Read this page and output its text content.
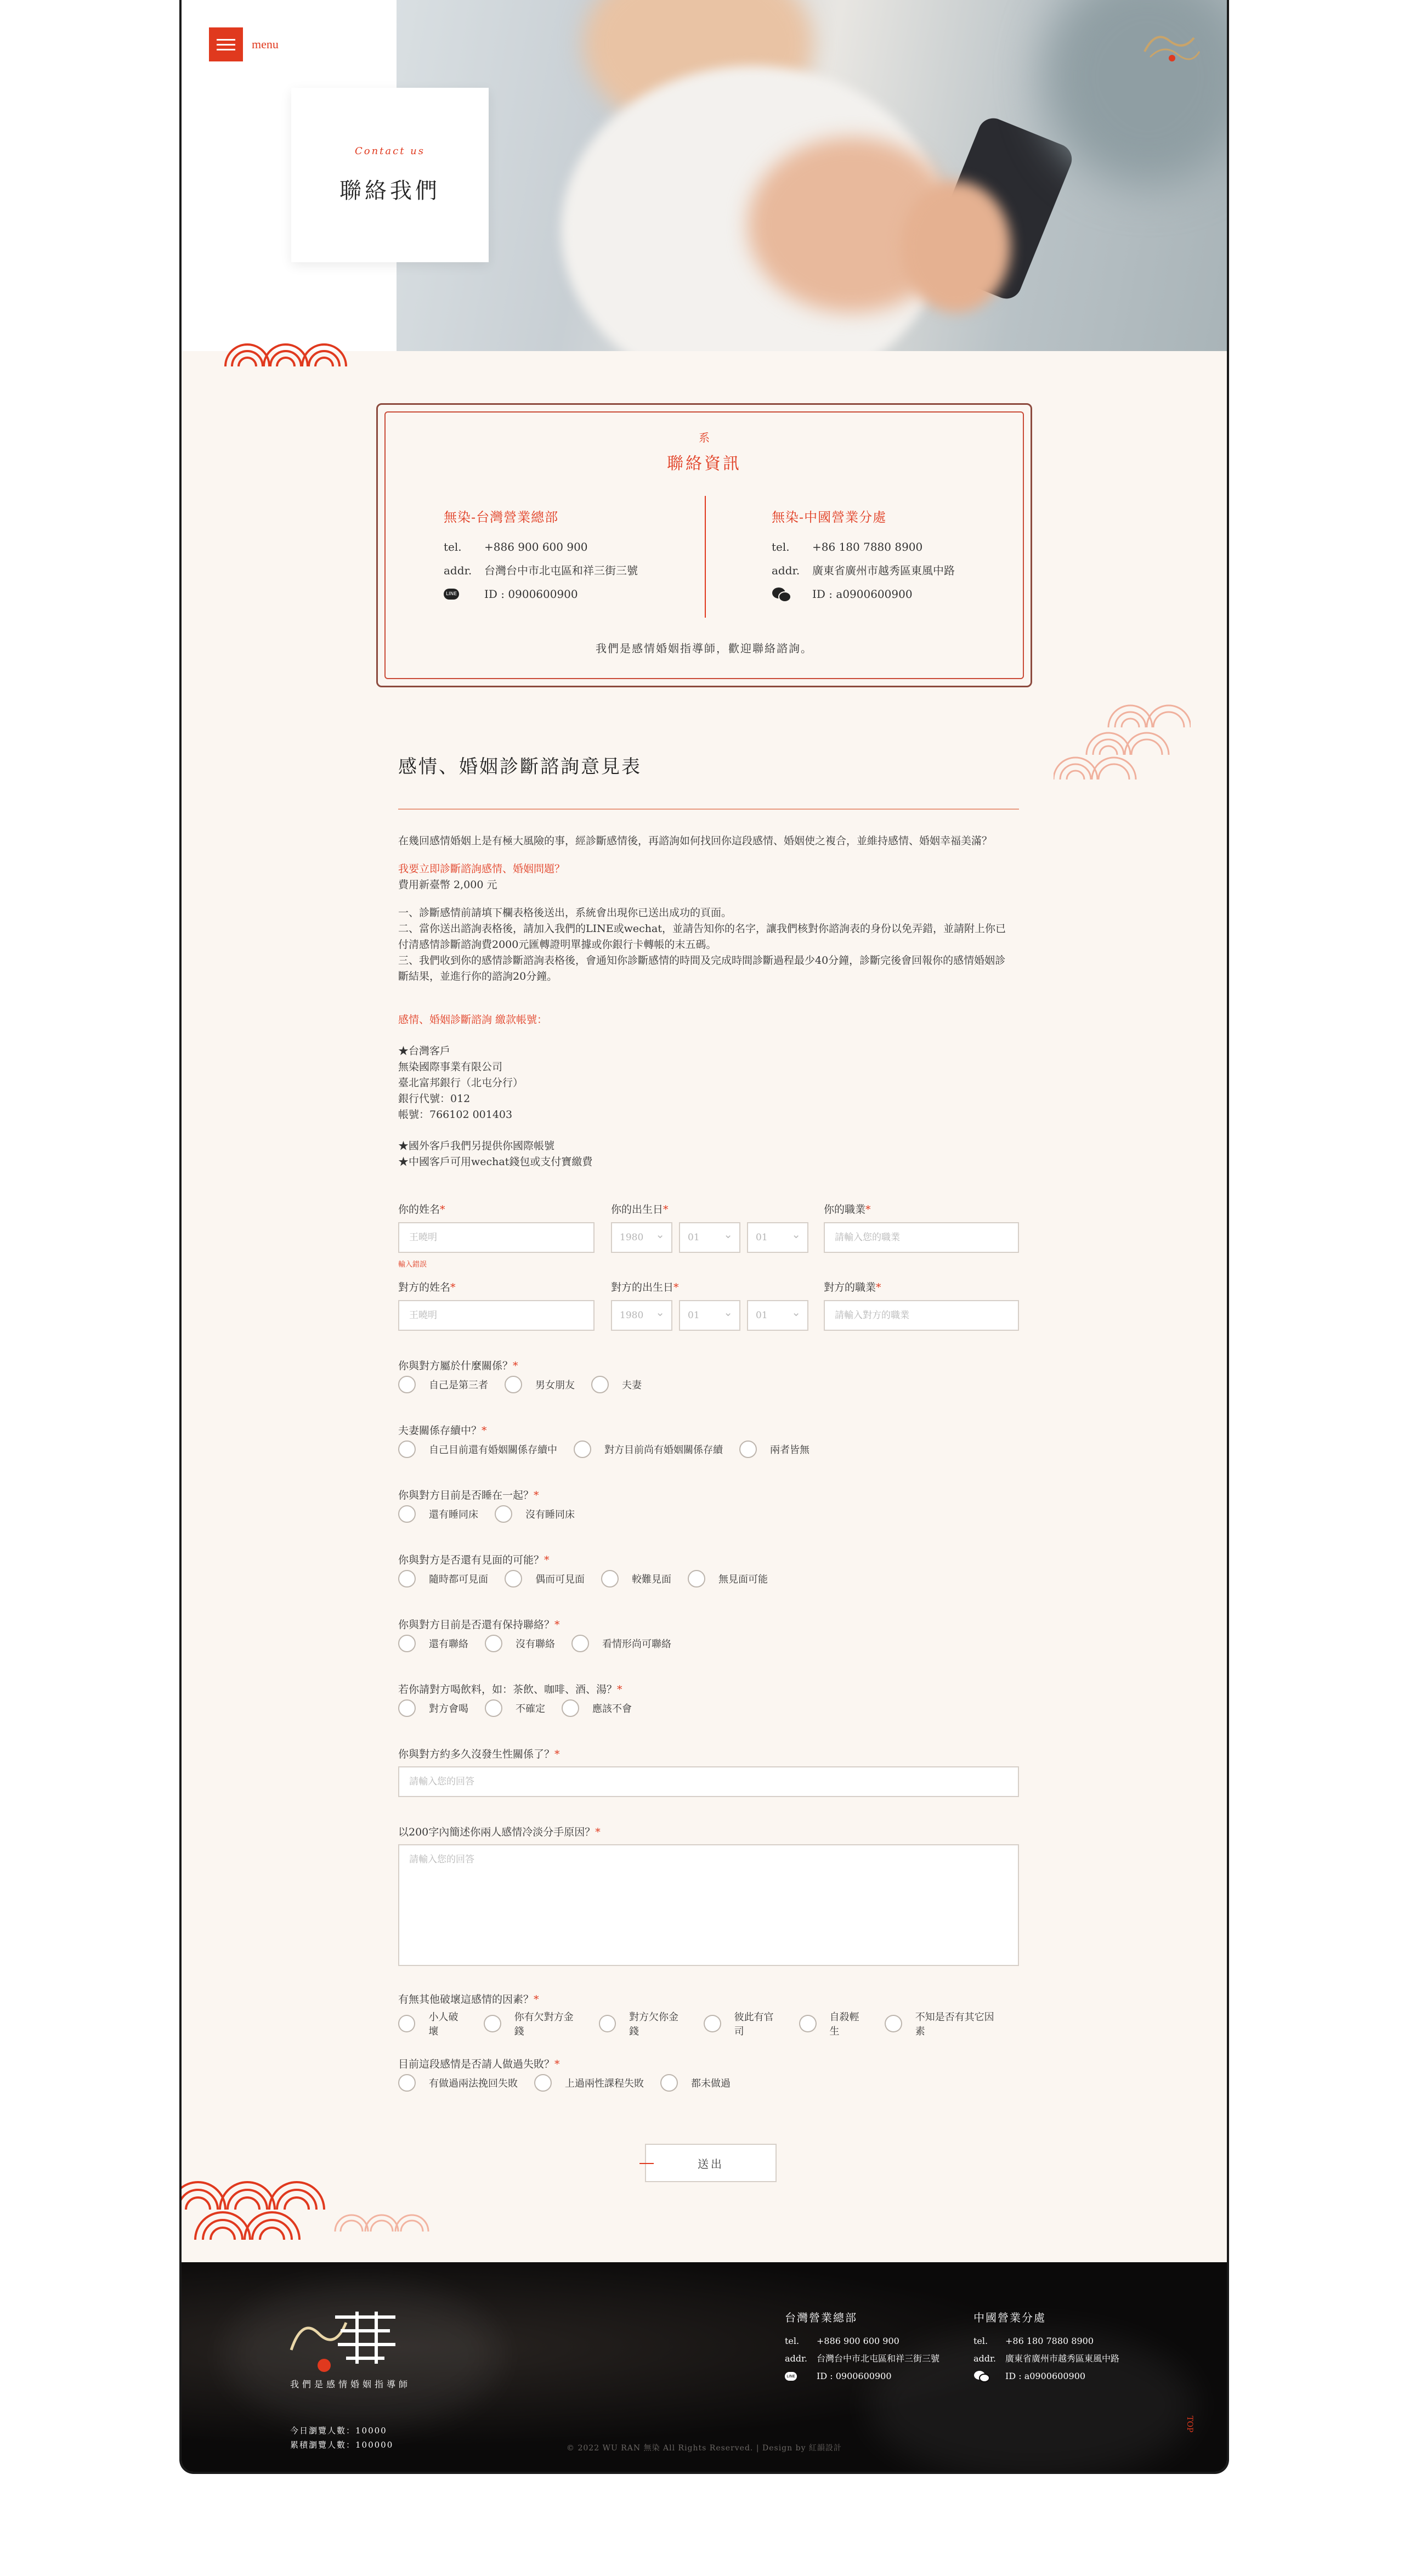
menu
Contact us
聯絡我們
系
聯絡資訊
無染-台灣營業總部
tel.	+886 900 600 900
addr.	台灣台中市北屯區和祥三街三號
LINE ID : 0900600900
無染-中國營業分處
tel.	+86 180 7880 8900
addr.	廣東省廣州市越秀區東風中路
ID : a0900600900
我們是感情婚姻指導師，歡迎聯絡諮詢。
感情、婚姻診斷諮詢意見表
在幾回感情婚姻上是有極大風險的事，經診斷感情後，再諮詢如何找回你這段感情、婚姻使之複合，並維持感情、婚姻幸福美滿？
我要立即診斷諮詢感情、婚姻問題？
費用新臺幣 2,000 元
一、診斷感情前請填下欄表格後送出，系統會出現你已送出成功的頁面。
二、當你送出諮詢表格後，請加入我們的LINE或wechat，並請告知你的名字，讓我們核對你諮詢表的身份以免弄錯，並請附上你已
付清感情診斷諮詢費2000元匯轉證明單據或你銀行卡轉帳的末五碼。
三、我們收到你的感情診斷諮詢表格後，會通知你診斷感情的時間及完成時間診斷過程最少40分鐘，診斷完後會回報你的感情婚姻診
斷結果，並進行你的諮詢20分鐘。
感情、婚姻診斷諮詢 繳款帳號：
★台灣客戶
無染國際事業有限公司
臺北富邦銀行（北屯分行）
銀行代號：012
帳號：766102 001403
★國外客戶我們另提供你國際帳號
★中國客戶可用wechat錢包或支付寶繳費
你的姓名*	你的出生日*	你的職業*
王曉明	1980 ⌄	01 ⌄	01 ⌄	請輸入您的職業
輸入錯誤
對方的姓名*	對方的出生日*	對方的職業*
王曉明	1980 ⌄	01 ⌄	01 ⌄	請輸入對方的職業
你與對方屬於什麼關係？*
自己是第三者	男女朋友	夫妻
夫妻關係存續中？*
自己目前還有婚姻關係存續中	對方目前尚有婚姻關係存續	兩者皆無
你與對方目前是否睡在一起？*
還有睡同床	沒有睡同床
你與對方是否還有見面的可能？*
隨時都可見面	偶而可見面	較難見面	無見面可能
你與對方目前是否還有保持聯絡？*
還有聯絡	沒有聯絡	看情形尚可聯絡
若你請對方喝飲料，如：茶飲、咖啡、酒、湯？*
對方會喝	不確定	應該不會
你與對方約多久沒發生性關係了？*
請輸入您的回答
以200字內簡述你兩人感情冷淡分手原因？*
請輸入您的回答
有無其他破壞這感情的因素？*
小人破壞
你有欠對方金錢
對方欠你金錢
彼此有官司
自殺輕生
不知是否有其它因素
目前這段感情是否請人做過失敗？*
有做過兩法挽回失敗	上過兩性課程失敗	都未做過
送出
我們是感情婚姻指導師
今日瀏覽人數：10000
累積瀏覽人數：100000
台灣營業總部
tel.	+886 900 600 900
addr.	台灣台中市北屯區和祥三街三號
LINE ID : 0900600900
中國營業分處
tel.	+86 180 7880 8900
addr.	廣東省廣州市越秀區東風中路
ID : a0900600900
© 2022 WU RAN 無染 All Rights Reserved. | Design by 紅韻設計
TOP
